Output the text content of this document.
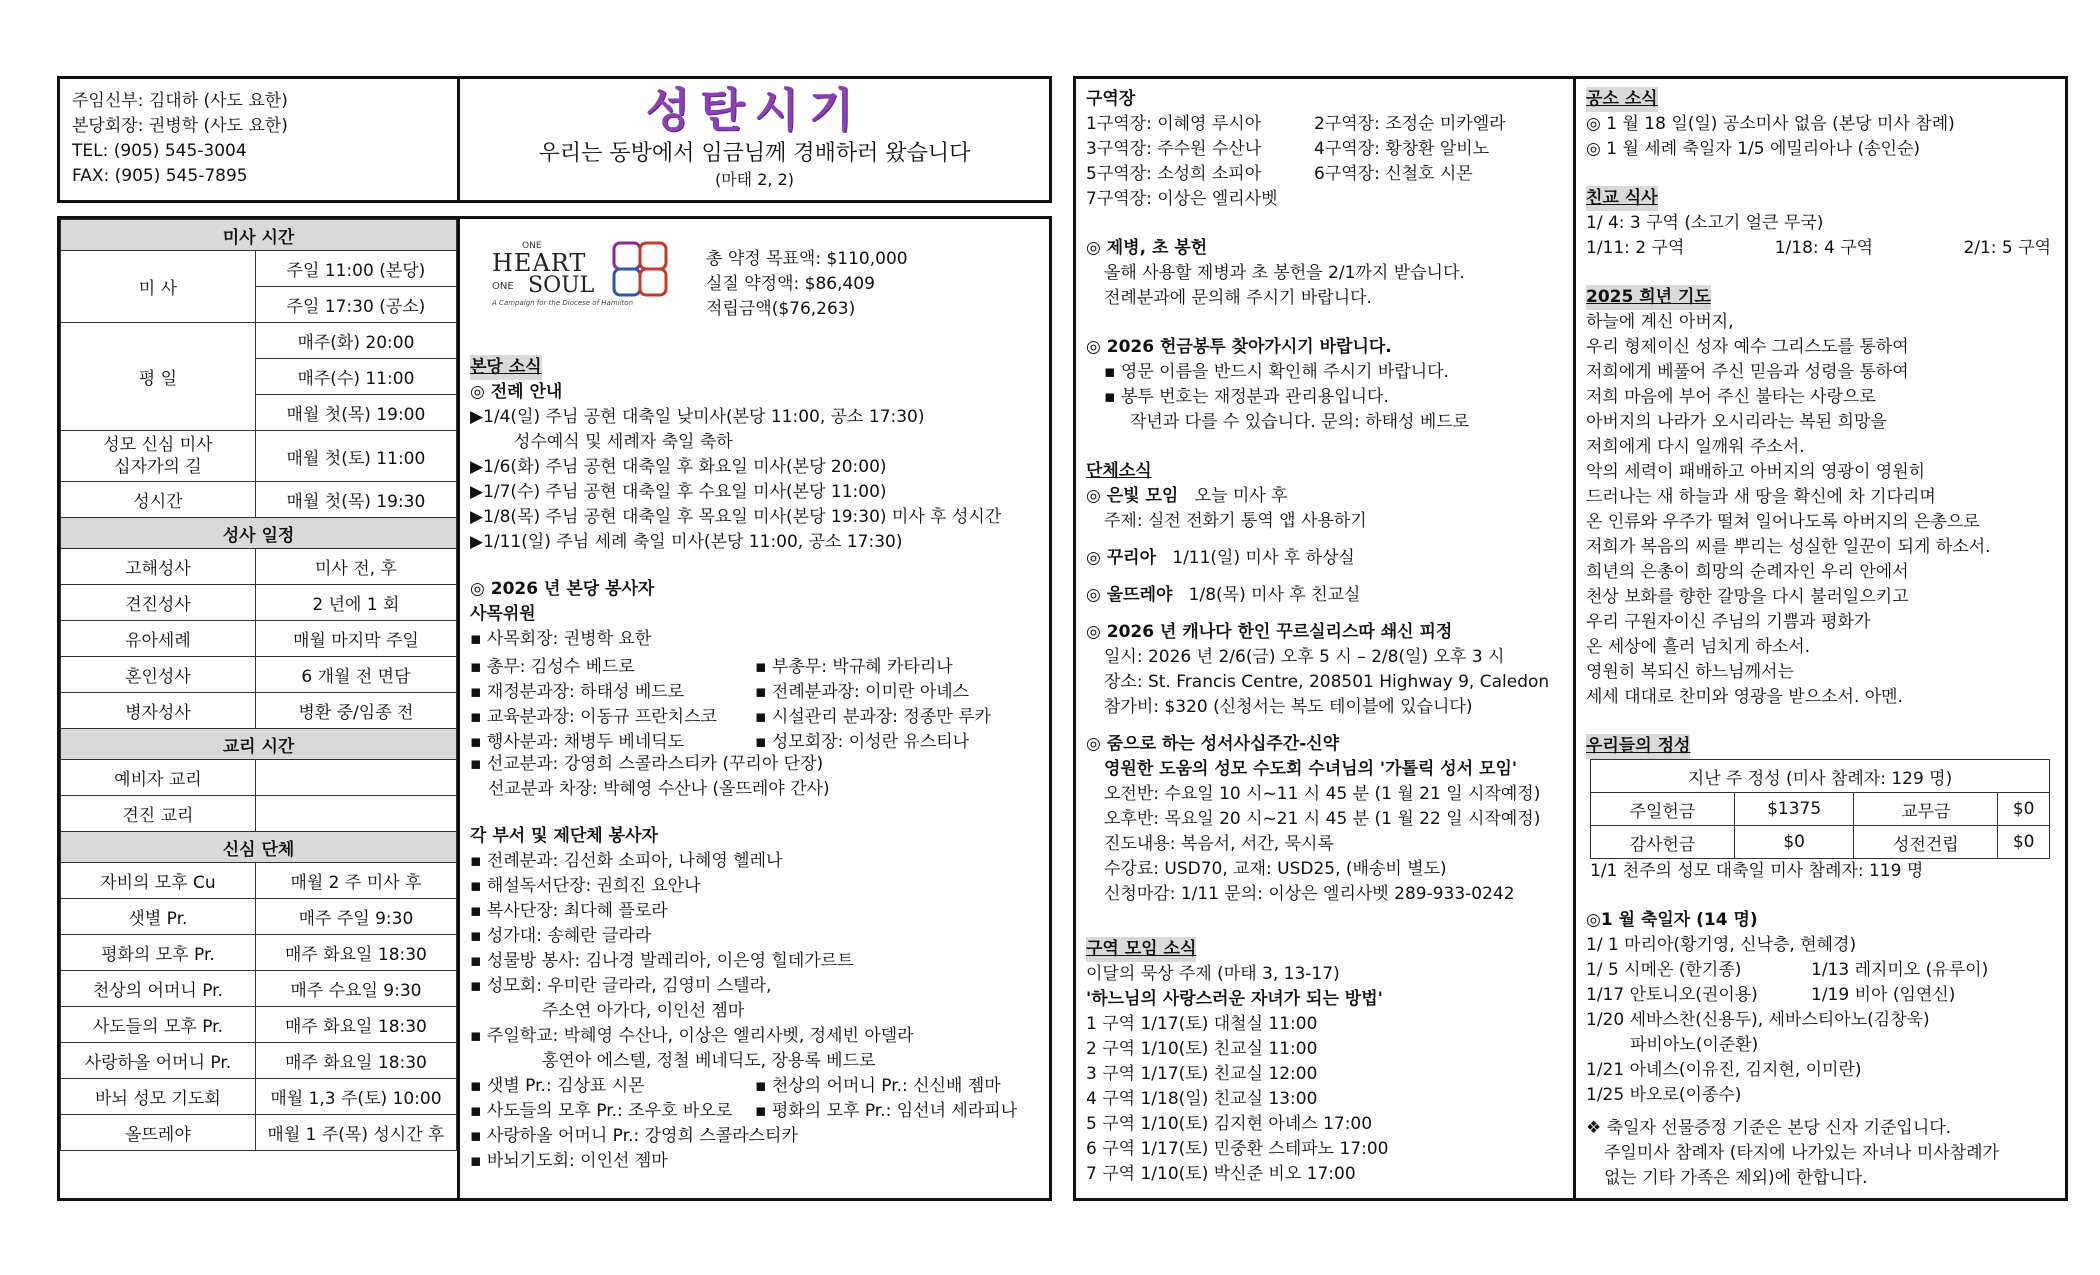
주임신부: 김대하 (사도 요한)
본당회장: 권병학 (사도 요한)
TEL: (905) 545-3004
FAX: (905) 545-7895
성탄시기
우리는 동방에서 임금님께 경배하러 왔습니다
(마태 2, 2)
미사 시간	
미 사	주일 11:00 (본당)
	주일 17:30 (공소)
평 일	매주(화) 20:00
	매주(수) 11:00
	매월 첫(목) 19:00

성모 신심 미사
십자가의 길	매월 첫(토) 11:00
성시간	매월 첫(목) 19:30
성사 일정	
고해성사	미사 전, 후
견진성사	2 년에 1 회
유아세례	매월 마지막 주일
혼인성사	6 개월 전 면담
병자성사	병환 중/임종 전
교리 시간	
예비자 교리	
견진 교리	
신심 단체	
자비의 모후 Cu	매월 2 주 미사 후
샛별 Pr.	매주 주일 9:30
평화의 모후 Pr.	매주 화요일 18:30
천상의 어머니 Pr.	매주 수요일 9:30
사도들의 모후 Pr.	매주 화요일 18:30
사랑하올 어머니 Pr.	매주 화요일 18:30
바뇌 성모 기도회	매월 1,3 주(토) 10:00
올뜨레야	매월 1 주(목) 성시간 후
ONE
HEART
ONE SOUL
A Campaign for the Diocese of Hamilton
총 약정 목표액: $110,000
실질 약정액: $86,409
적립금액($76,263)
본당 소식
◎ 전례 안내
▶1/4(일) 주님 공현 대축일 낮미사(본당 11:00, 공소 17:30)
성수예식 및 세례자 축일 축하
▶1/6(화) 주님 공현 대축일 후 화요일 미사(본당 20:00)
▶1/7(수) 주님 공현 대축일 후 수요일 미사(본당 11:00)
▶1/8(목) 주님 공현 대축일 후 목요일 미사(본당 19:30) 미사 후 성시간
▶1/11(일) 주님 세례 축일 미사(본당 11:00, 공소 17:30)
◎ 2026 년 본당 봉사자
사목위원
▪ 사목회장: 권병학 요한
▪ 총무: 김성수 베드로	▪ 부총무: 박규혜 카타리나
▪ 재정분과장: 하태성 베드로	▪ 전례분과장: 이미란 아녜스
▪ 교육분과장: 이동규 프란치스코	▪ 시설관리 분과장: 정종만 루카
▪ 행사분과: 채병두 베네딕도	▪ 성모회장: 이성란 유스티나
▪ 선교분과: 강영희 스콜라스티카 (꾸리아 단장)
선교분과 차장: 박혜영 수산나 (올뜨레야 간사)
각 부서 및 제단체 봉사자
▪ 전례분과: 김선화 소피아, 나혜영 헬레나
▪ 해설독서단장: 권희진 요안나
▪ 복사단장: 최다혜 플로라
▪ 성가대: 송혜란 글라라
▪ 성물방 봉사: 김나경 발레리아, 이은영 힐데가르트
▪ 성모회: 우미란 글라라, 김영미 스텔라,
주소연 아가다, 이인선 젬마
▪ 주일학교: 박혜영 수산나, 이상은 엘리사벳, 정세빈 아델라
홍연아 에스텔, 정철 베네딕도, 장용록 베드로
▪ 샛별 Pr.: 김상표 시몬	▪ 천상의 어머니 Pr.: 신신배 젬마
▪ 사도들의 모후 Pr.: 조우호 바오로	▪ 평화의 모후 Pr.: 임선녀 세라피나
▪ 사랑하올 어머니 Pr.: 강영희 스콜라스티카
▪ 바뇌기도회: 이인선 젬마
구역장
1구역장: 이혜영 루시아	2구역장: 조정순 미카엘라
3구역장: 주수원 수산나	4구역장: 황창환 알비노
5구역장: 소성희 소피아	6구역장: 신철호 시몬
7구역장: 이상은 엘리사벳
◎ 제병, 초 봉헌
올해 사용할 제병과 초 봉헌을 2/1까지 받습니다.
전례분과에 문의해 주시기 바랍니다.
◎ 2026 헌금봉투 찾아가시기 바랍니다.
▪ 영문 이름을 반드시 확인해 주시기 바랍니다.
▪ 봉투 번호는 재정분과 관리용입니다.
작년과 다를 수 있습니다. 문의: 하태성 베드로
단체소식
◎ 은빛 모임 오늘 미사 후
주제: 실전 전화기 통역 앱 사용하기
◎ 꾸리아 1/11(일) 미사 후 하상실
◎ 울뜨레야 1/8(목) 미사 후 친교실
◎ 2026 년 캐나다 한인 꾸르실리스따 쇄신 피정
일시: 2026 년 2/6(금) 오후 5 시 – 2/8(일) 오후 3 시
장소: St. Francis Centre, 208501 Highway 9, Caledon
참가비: $320 (신청서는 복도 테이블에 있습니다)
◎ 줌으로 하는 성서사십주간-신약
영원한 도움의 성모 수도회 수녀님의 '가톨릭 성서 모임'
오전반: 수요일 10 시~11 시 45 분 (1 월 21 일 시작예정)
오후반: 목요일 20 시~21 시 45 분 (1 월 22 일 시작예정)
진도내용: 복음서, 서간, 묵시록
수강료: USD70, 교재: USD25, (배송비 별도)
신청마감: 1/11 문의: 이상은 엘리사벳 289-933-0242
구역 모임 소식
이달의 묵상 주제 (마태 3, 13-17)
'하느님의 사랑스러운 자녀가 되는 방법'
1 구역 1/17(토) 대철실 11:00
2 구역 1/10(토) 친교실 11:00
3 구역 1/17(토) 친교실 12:00
4 구역 1/18(일) 친교실 13:00
5 구역 1/10(토) 김지현 아녜스 17:00
6 구역 1/17(토) 민중환 스테파노 17:00
7 구역 1/10(토) 박신준 비오 17:00
공소 소식
◎ 1 월 18 일(일) 공소미사 없음 (본당 미사 참례)
◎ 1 월 세례 축일자 1/5 에밀리아나 (송인순)
친교 식사
1/ 4: 3 구역 (소고기 얼큰 무국)
1/11: 2 구역	1/18: 4 구역	2/1: 5 구역
2025 희년 기도
하늘에 계신 아버지,
우리 형제이신 성자 예수 그리스도를 통하여
저희에게 베풀어 주신 믿음과 성령을 통하여
저희 마음에 부어 주신 불타는 사랑으로
아버지의 나라가 오시리라는 복된 희망을
저희에게 다시 일깨워 주소서.
악의 세력이 패배하고 아버지의 영광이 영원히
드러나는 새 하늘과 새 땅을 확신에 차 기다리며
온 인류와 우주가 떨쳐 일어나도록 아버지의 은총으로
저희가 복음의 씨를 뿌리는 성실한 일꾼이 되게 하소서.
희년의 은총이 희망의 순례자인 우리 안에서
천상 보화를 향한 갈망을 다시 불러일으키고
우리 구원자이신 주님의 기쁨과 평화가
온 세상에 흘러 넘치게 하소서.
영원히 복되신 하느님께서는
세세 대대로 찬미와 영광을 받으소서. 아멘.
우리들의 정성
지난 주 정성 (미사 참례자: 129 명)			
주일헌금	$1375	교무금	$0
감사헌금	$0	성전건립	$0
1/1 천주의 성모 대축일 미사 참례자: 119 명
◎1 월 축일자 (14 명)
1/ 1 마리아(황기영, 신낙층, 현혜경)
1/ 5 시메온 (한기종)	1/13 레지미오 (유루이)
1/17 안토니오(권이용)	1/19 비아 (임연신)
1/20 세바스찬(신용두), 세바스티아노(김창욱)
파비아노(이준환)
1/21 아녜스(이유진, 김지현, 이미란)
1/25 바오로(이종수)
❖ 축일자 선물증정 기준은 본당 신자 기준입니다.
주일미사 참례자 (타지에 나가있는 자녀나 미사참례가
없는 기타 가족은 제외)에 한합니다.
